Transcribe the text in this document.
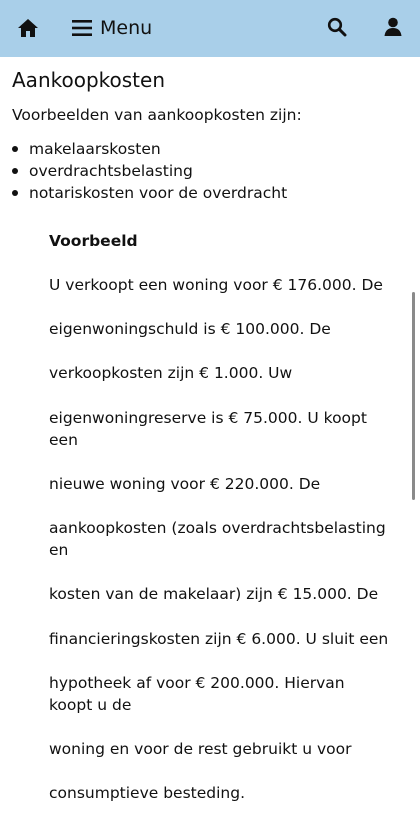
Menu
Aankoopkosten

Voorbeelden van aankoopkosten zijn:

makelaarskosten
overdrachtsbelasting
notariskosten voor de overdracht
Voorbeeld

U verkoopt een woning voor € 176.000. De

eigenwoningschuld is € 100.000. De

verkoopkosten zijn € 1.000. Uw

eigenwoningreserve is € 75.000. U koopt een

nieuwe woning voor € 220.000. De

aankoopkosten (zoals overdrachtsbelasting en

kosten van de makelaar) zijn € 15.000. De

financieringskosten zijn € 6.000. U sluit een

hypotheek af voor € 200.000. Hiervan koopt u de

woning en voor de rest gebruikt u voor

consumptieve besteding.
